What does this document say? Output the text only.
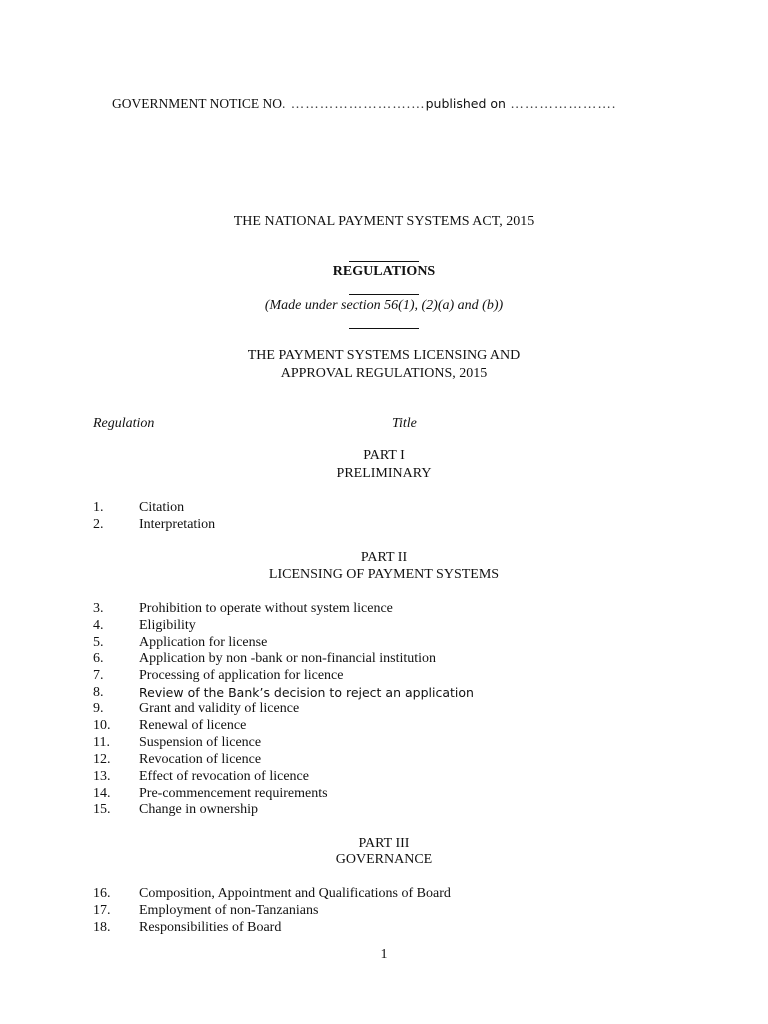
GOVERNMENT NOTICE NO. …………………….…published on ………………….
THE NATIONAL PAYMENT SYSTEMS ACT, 2015
REGULATIONS
(Made under section 56(1), (2)(a) and (b))
THE PAYMENT SYSTEMS LICENSING AND
APPROVAL REGULATIONS, 2015
Regulation	Title
PART I
PRELIMINARY
1.	Citation
2.	Interpretation
PART II
LICENSING OF PAYMENT SYSTEMS
3.	Prohibition to operate without system licence
4.	Eligibility
5.	Application for license
6.	Application by non -bank or non-financial institution
7.	Processing of application for licence
8.	Review of the Bank’s decision to reject an application
9.	Grant and validity of licence
10. Renewal of licence
11. Suspension of licence
12. Revocation of licence
13. Effect of revocation of licence
14. Pre-commencement requirements
15. Change in ownership
PART III
GOVERNANCE
16. Composition, Appointment and Qualifications of Board
17. Employment of non-Tanzanians
18. Responsibilities of Board
1
